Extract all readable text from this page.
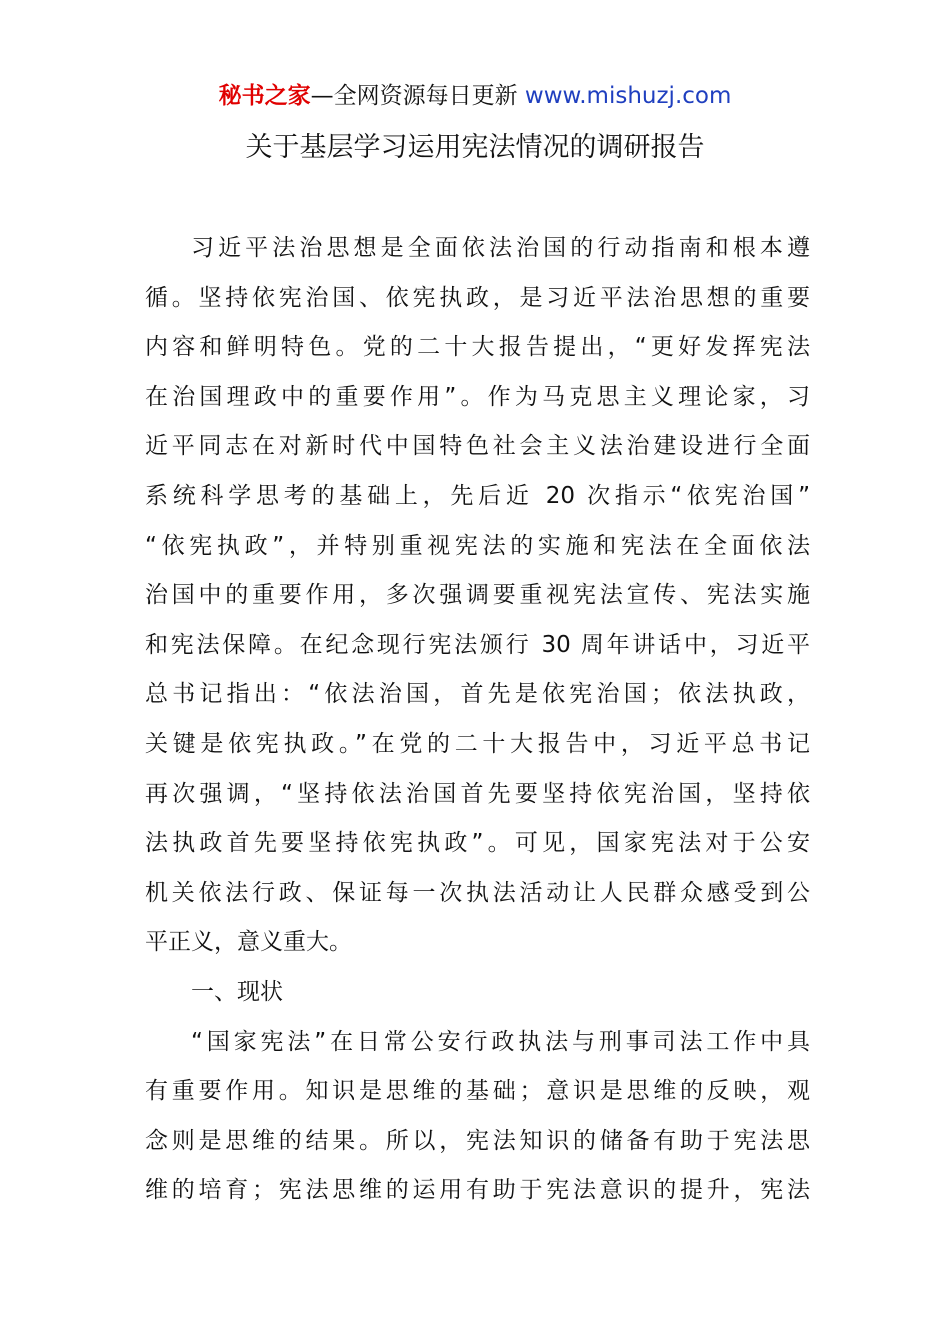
秘书之家—全网资源每日更新 www.mishuzj.com
关于基层学习运用宪法情况的调研报告
习近平法治思想是全面依法治国的行动指南和根本遵
循。坚持依宪治国、依宪执政，是习近平法治思想的重要
内容和鲜明特色。党的二十大报告提出，“更好发挥宪法
在治国理政中的重要作用”。作为马克思主义理论家，习
近平同志在对新时代中国特色社会主义法治建设进行全面
系统科学思考的基础上，先后近 20 次指示“依宪治国”
“依宪执政”，并特别重视宪法的实施和宪法在全面依法
治国中的重要作用，多次强调要重视宪法宣传、宪法实施
和宪法保障。在纪念现行宪法颁行 30 周年讲话中，习近平
总书记指出：“依法治国，首先是依宪治国；依法执政，
关键是依宪执政。”在党的二十大报告中，习近平总书记
再次强调，“坚持依法治国首先要坚持依宪治国，坚持依
法执政首先要坚持依宪执政”。可见，国家宪法对于公安
机关依法行政、保证每一次执法活动让人民群众感受到公
平正义，意义重大。
一、现状
“国家宪法”在日常公安行政执法与刑事司法工作中具
有重要作用。知识是思维的基础；意识是思维的反映，观
念则是思维的结果。所以，宪法知识的储备有助于宪法思
维的培育；宪法思维的运用有助于宪法意识的提升，宪法
